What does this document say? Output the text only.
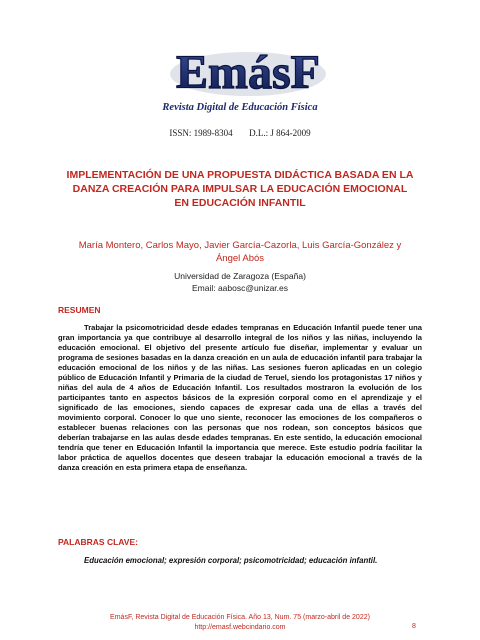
EmásF
Revista Digital de Educación Física
ISSN: 1989-8304 D.L.: J 864-2009
IMPLEMENTACIÓN DE UNA PROPUESTA DIDÁCTICA BASADA EN LA
DANZA CREACIÓN PARA IMPULSAR LA EDUCACIÓN EMOCIONAL
EN EDUCACIÓN INFANTIL
María Montero, Carlos Mayo, Javier García-Cazorla, Luis García-González y
Ángel Abós
Universidad de Zaragoza (España)
Email: aabosc@unizar.es
RESUMEN

Trabajar la psicomotricidad desde edades tempranas en Educación Infantil puede tener una gran importancia ya que contribuye al desarrollo integral de los niños y las niñas, incluyendo la educación emocional. El objetivo del presente artículo fue diseñar, implementar y evaluar un programa de sesiones basadas en la danza creación en un aula de educación infantil para trabajar la educación emocional de los niños y de las niñas. Las sesiones fueron aplicadas en un colegio público de Educación Infantil y Primaria de la ciudad de Teruel, siendo los protagonistas 17 niños y niñas del aula de 4 años de Educación Infantil. Los resultados mostraron la evolución de los participantes tanto en aspectos básicos de la expresión corporal como en el aprendizaje y el significado de las emociones, siendo capaces de expresar cada una de ellas a través del movimiento corporal. Conocer lo que uno siente, reconocer las emociones de los compañeros o establecer buenas relaciones con las personas que nos rodean, son conceptos básicos que deberían trabajarse en las aulas desde edades tempranas. En este sentido, la educación emocional tendría que tener en Educación Infantil la importancia que merece. Este estudio podría facilitar la labor práctica de aquellos docentes que deseen trabajar la educación emocional a través de la danza creación en esta primera etapa de enseñanza.

PALABRAS CLAVE:

Educación emocional; expresión corporal; psicomotricidad; educación infantil.

EmásF, Revista Digital de Educación Física. Año 13, Num. 75 (marzo-abril de 2022)
http://emasf.webcindario.com	8
